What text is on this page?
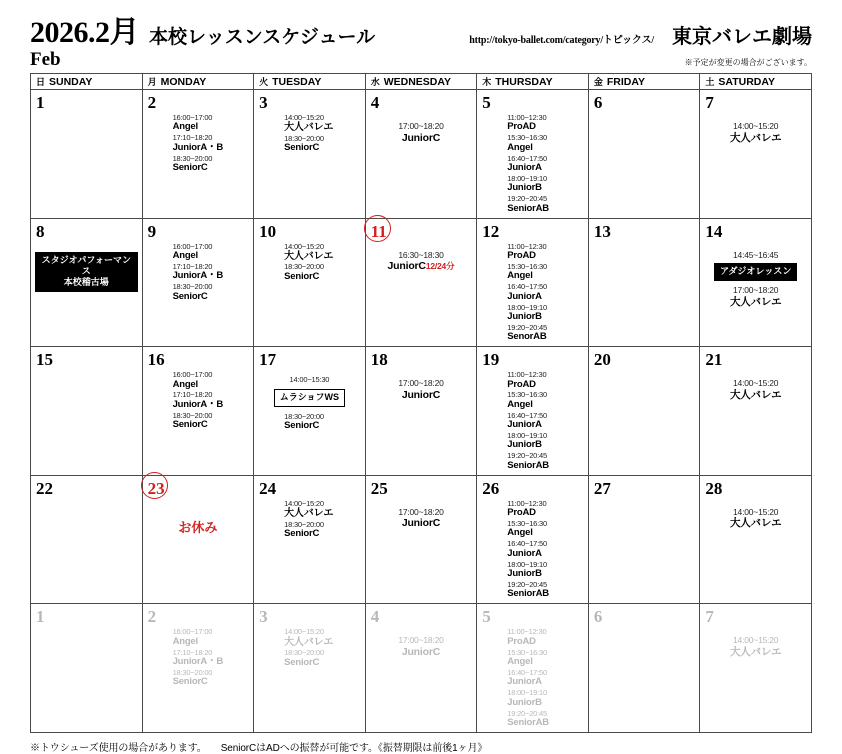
2026.2月 本校レッスンスケジュール	http://tokyo-ballet.com/category/トピックス/ 東京バレエ劇場
Feb	※予定が変更の場合がございます。
日 SUNDAY	月 MONDAY	火 TUESDAY	水 WEDNESDAY	木 THURSDAY	金 FRIDAY	土 SATURDAY
1	2
16:00~17:00
Angel
17:10~18:20
JuniorA・B
18:30~20:00
SeniorC
	3
14:00~15:20
大人バレエ
18:30~20:00
SeniorC
	4
17:00~18:20
JuniorC
	5
11:00~12:30
ProAD
15:30~16:30
Angel
16:40~17:50
JuniorA
18:00~19:10
JuniorB
19:20~20:45
SeniorAB
	6	7
14:00~15:20
大人バレエ

8
スタジオパフォーマンス
本校稽古場
	9
16:00~17:00
Angel
17:10~18:20
JuniorA・B
18:30~20:00
SeniorC
	10
14:00~15:20
大人バレエ
18:30~20:00
SeniorC
	11
16:30~18:30
JuniorC12/24分
	12
11:00~12:30
ProAD
15:30~16:30
Angel
16:40~17:50
JuniorA
18:00~19:10
JuniorB
19:20~20:45
SenorAB
	13	14
14:45~16:45
アダジオレッスン
17:00~18:20
大人バレエ

15	16
16:00~17:00
Angel
17:10~18:20
JuniorA・B
18:30~20:00
SeniorC
	17
14:00~15:30
ムラショフWS
18:30~20:00
SeniorC
	18
17:00~18:20
JuniorC
	19
11:00~12:30
ProAD
15:30~16:30
Angel
16:40~17:50
JuniorA
18:00~19:10
JuniorB
19:20~20:45
SeniorAB
	20	21
14:00~15:20
大人バレエ

22	23
お休み
	24
14:00~15:20
大人バレエ
18:30~20:00
SeniorC
	25
17:00~18:20
JuniorC
	26
11:00~12:30
ProAD
15:30~16:30
Angel
16:40~17:50
JuniorA
18:00~19:10
JuniorB
19:20~20:45
SeniorAB
	27	28
14:00~15:20
大人バレエ

1	2
16:00~17:00
Angel
17:10~18:20
JuniorA・B
18:30~20:00
SeniorC
	3
14:00~15:20
大人バレエ
18:30~20:00
SeniorC
	4
17:00~18:20
JuniorC
	5
11:00~12:30
ProAD
15:30~16:30
Angel
16:40~17:50
JuniorA
18:00~19:10
JuniorB
19:20~20:45
SeniorAB
	6	7
14:00~15:20
大人バレエ
※トウシューズ使用の場合があります。 SeniorCはADへの振替が可能です。《振替期限は前後1ヶ月》
